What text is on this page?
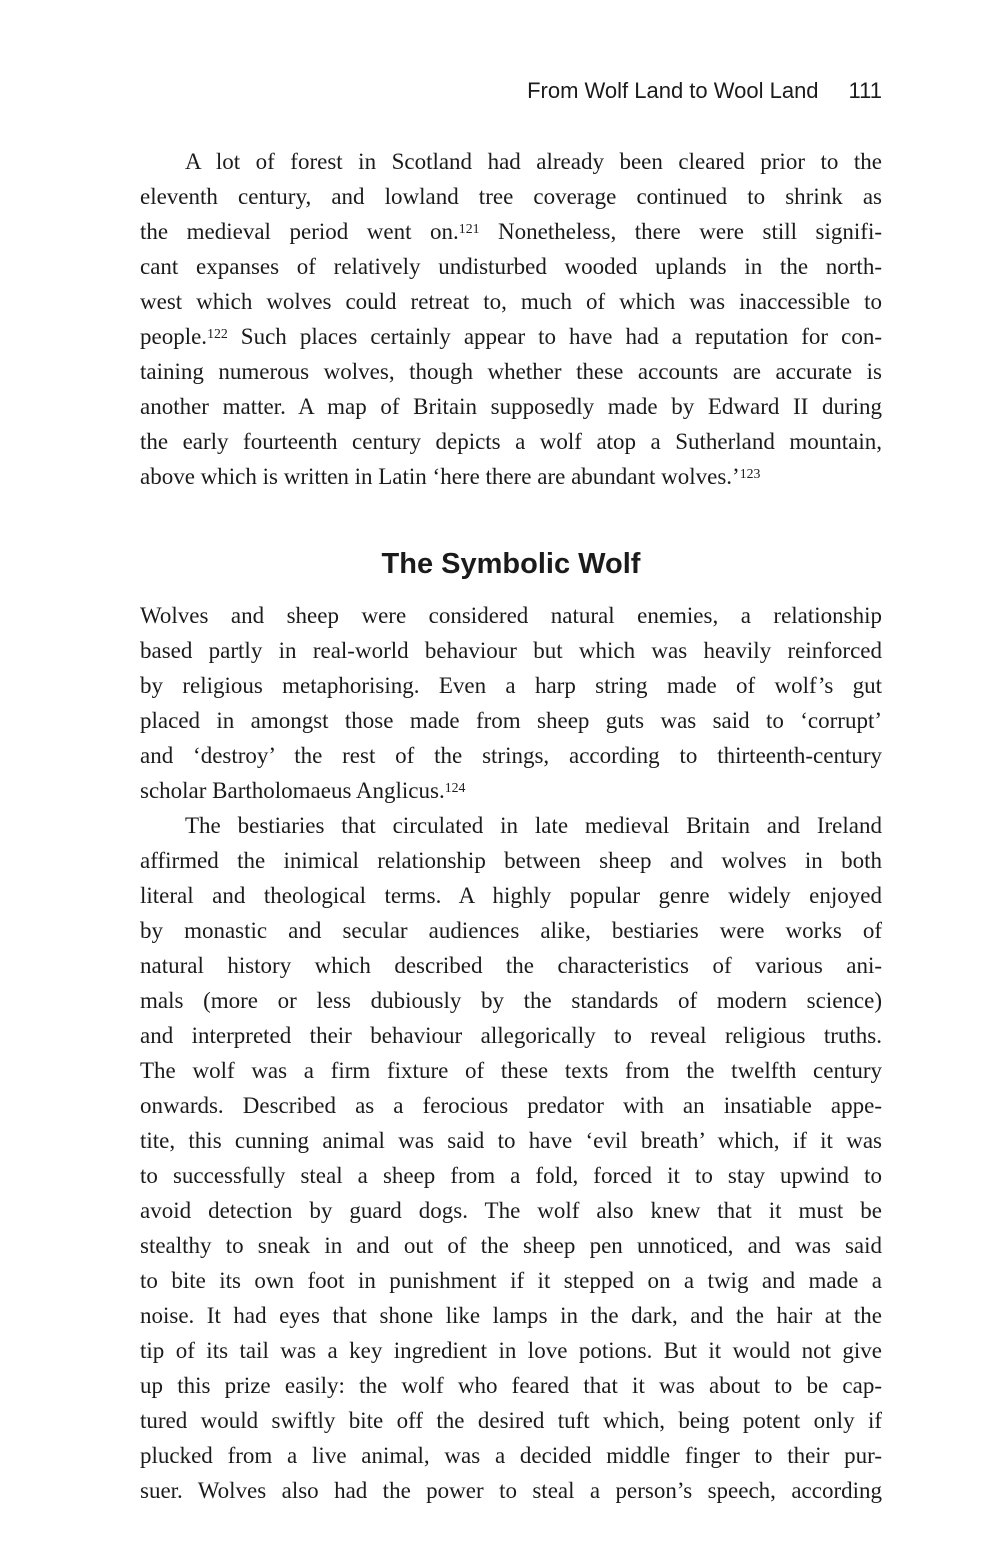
From Wolf Land to Wool Land 111
A lot of forest in Scotland had already been cleared prior to the
eleventh century, and lowland tree coverage continued to shrink as
the medieval period went on.$^{121}$ Nonetheless, there were still signifi-
cant expanses of relatively undisturbed wooded uplands in the north-
west which wolves could retreat to, much of which was inaccessible to
people.$^{122}$ Such places certainly appear to have had a reputation for con-
taining numerous wolves, though whether these accounts are accurate is
another matter. A map of Britain supposedly made by Edward II during
the early fourteenth century depicts a wolf atop a Sutherland mountain,
above which is written in Latin ‘here there are abundant wolves.’$^{123}$
The Symbolic Wolf
Wolves and sheep were considered natural enemies, a relationship
based partly in real-world behaviour but which was heavily reinforced
by religious metaphorising. Even a harp string made of wolf’s gut
placed in amongst those made from sheep guts was said to ‘corrupt’
and ‘destroy’ the rest of the strings, according to thirteenth-century
scholar Bartholomaeus Anglicus.$^{124}$
The bestiaries that circulated in late medieval Britain and Ireland
affirmed the inimical relationship between sheep and wolves in both
literal and theological terms. A highly popular genre widely enjoyed
by monastic and secular audiences alike, bestiaries were works of
natural history which described the characteristics of various ani-
mals (more or less dubiously by the standards of modern science)
and interpreted their behaviour allegorically to reveal religious truths.
The wolf was a firm fixture of these texts from the twelfth century
onwards. Described as a ferocious predator with an insatiable appe-
tite, this cunning animal was said to have ‘evil breath’ which, if it was
to successfully steal a sheep from a fold, forced it to stay upwind to
avoid detection by guard dogs. The wolf also knew that it must be
stealthy to sneak in and out of the sheep pen unnoticed, and was said
to bite its own foot in punishment if it stepped on a twig and made a
noise. It had eyes that shone like lamps in the dark, and the hair at the
tip of its tail was a key ingredient in love potions. But it would not give
up this prize easily: the wolf who feared that it was about to be cap-
tured would swiftly bite off the desired tuft which, being potent only if
plucked from a live animal, was a decided middle finger to their pur-
suer. Wolves also had the power to steal a person’s speech, according
